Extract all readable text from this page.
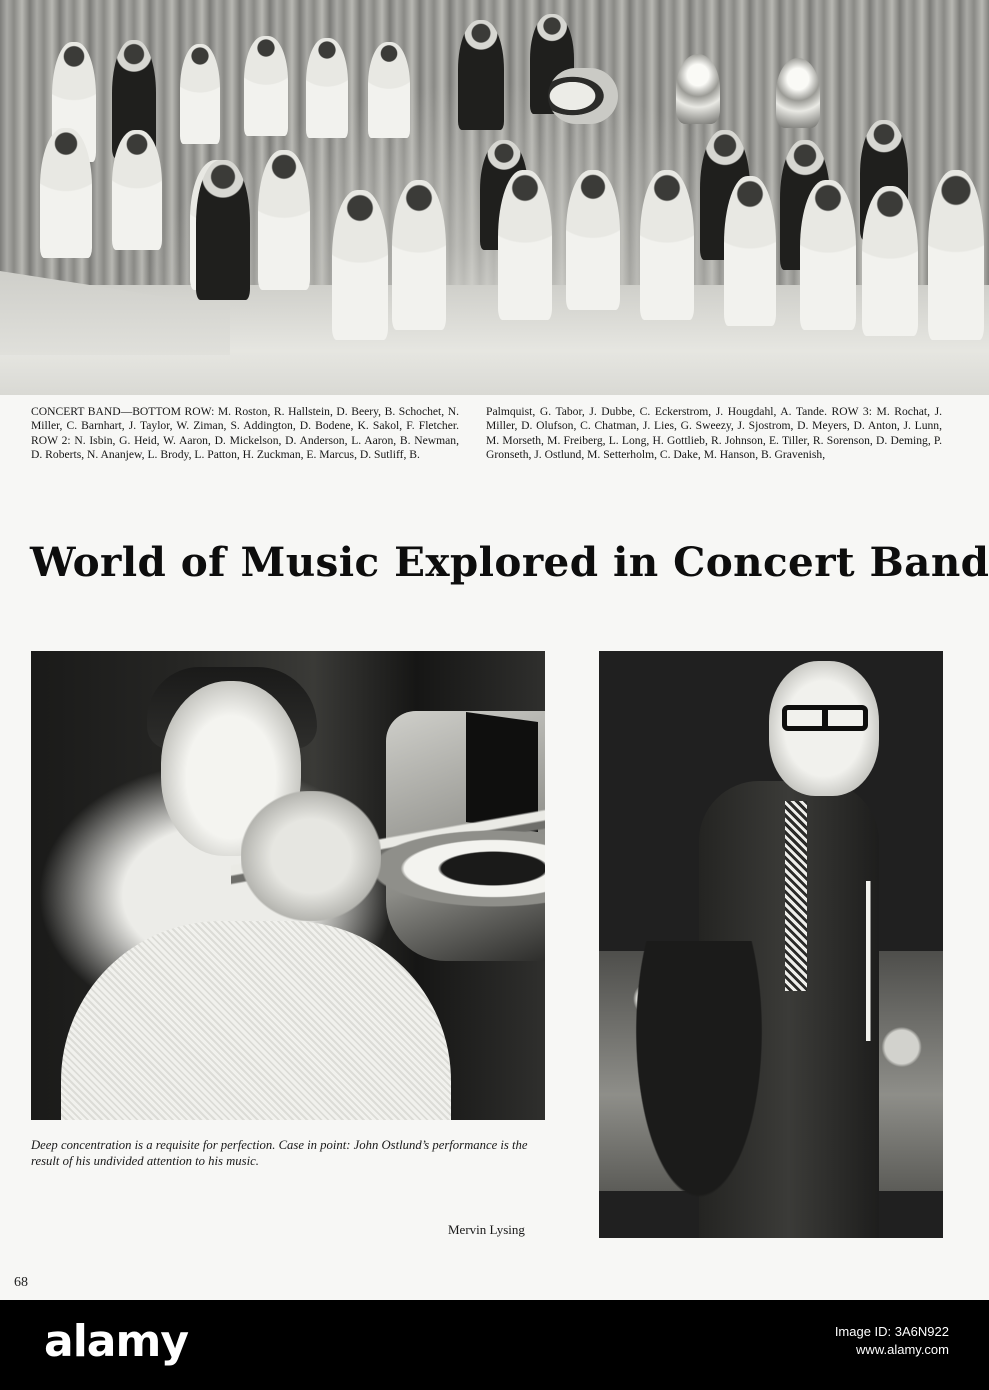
CONCERT BAND—BOTTOM ROW: M. Roston, R. Hallstein, D. Beery, B. Schochet, N. Miller, C. Barnhart, J. Taylor, W. Ziman, S. Addington, D. Bodene, K. Sakol, F. Fletcher. ROW 2: N. Isbin, G. Heid, W. Aaron, D. Mickelson, D. Anderson, L. Aaron, B. Newman, D. Roberts, N. Ananjew, L. Brody, L. Patton, H. Zuckman, E. Marcus, D. Sutliff, B.
Palmquist, G. Tabor, J. Dubbe, C. Eckerstrom, J. Hougdahl, A. Tande. ROW 3: M. Rochat, J. Miller, D. Olufson, C. Chatman, J. Lies, G. Sweezy, J. Sjostrom, D. Meyers, D. Anton, J. Lunn, M. Morseth, M. Freiberg, L. Long, H. Gottlieb, R. Johnson, E. Tiller, R. Sorenson, D. Deming, P. Gronseth, J. Ostlund, M. Setterholm, C. Dake, M. Hanson, B. Gravenish,
World of Music Explored in Concert Band

Deep concentration is a requisite for perfection. Case in point: John Ostlund’s performance is the result of his undivided attention to his music.

Mervin Lysing
68
alamy	Image ID: 3A6N922
www.alamy.com
